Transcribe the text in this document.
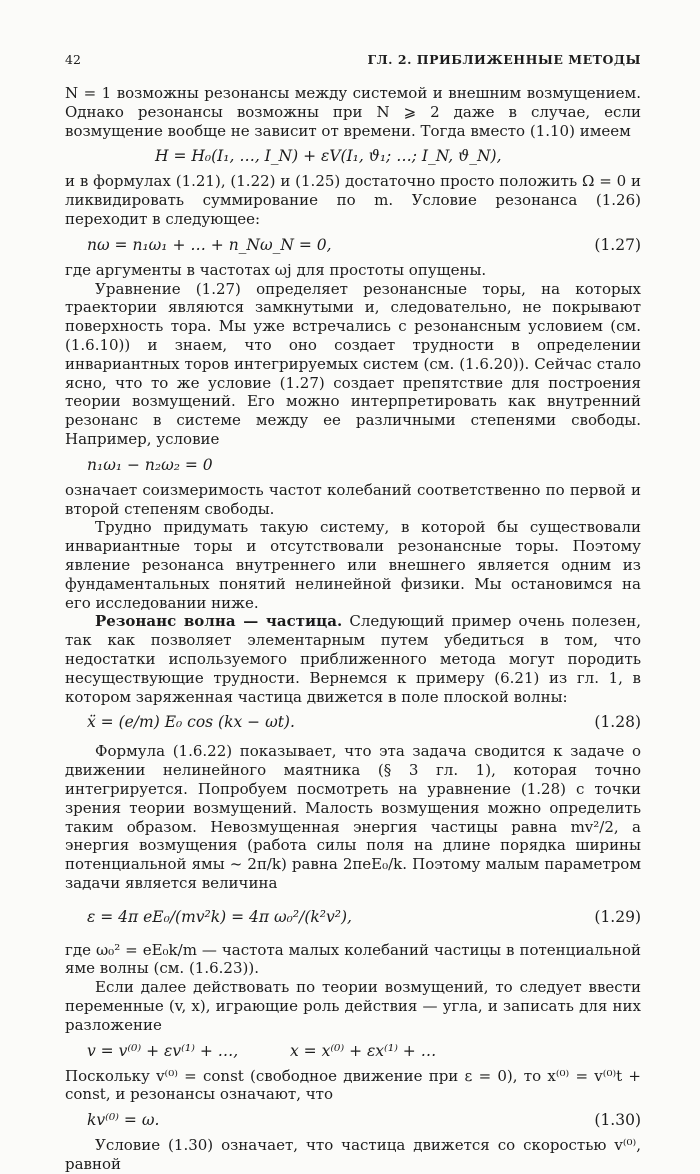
42	ГЛ. 2. ПРИБЛИЖЕННЫЕ МЕТОДЫ

N = 1 возможны резонансы между системой и внешним возмущением. Однако резонансы возможны при N ⩾ 2 даже в случае, если возмущение вообще не зависит от времени. Тогда вместо (1.10) имеем

H = H₀(I₁, …, I_N) + εV(I₁, ϑ₁; …; I_N, ϑ_N),

и в формулах (1.21), (1.22) и (1.25) достаточно просто положить Ω = 0 и ликвидировать суммирование по m. Условие резонанса (1.26) переходит в следующее:

nω = n₁ω₁ + … + n_Nω_N = 0,	(1.27)

где аргументы в частотах ωj для простоты опущены.

Уравнение (1.27) определяет резонансные торы, на которых траектории являются замкнутыми и, следовательно, не покрывают поверхность тора. Мы уже встречались с резонансным условием (см. (1.6.10)) и знаем, что оно создает трудности в определении инвариантных торов интегрируемых систем (см. (1.6.20)). Сейчас стало ясно, что то же условие (1.27) создает препятствие для построения теории возмущений. Его можно интерпретировать как внутренний резонанс в системе между ее различными степенями свободы. Например, условие

n₁ω₁ − n₂ω₂ = 0

означает соизмеримость частот колебаний соответственно по первой и второй степеням свободы.

Трудно придумать такую систему, в которой бы существовали инвариантные торы и отсутствовали резонансные торы. Поэтому явление резонанса внутреннего или внешнего является одним из фундаментальных понятий нелинейной физики. Мы остановимся на его исследовании ниже.

Резонанс волна — частица. Следующий пример очень полезен, так как позволяет элементарным путем убедиться в том, что недостатки используемого приближенного метода могут породить несуществующие трудности. Вернемся к примеру (6.21) из гл. 1, в котором заряженная частица движется в поле плоской волны:

ẍ = (e/m) E₀ cos (kx − ωt).	(1.28)

Формула (1.6.22) показывает, что эта задача сводится к задаче о движении нелинейного маятника (§ 3 гл. 1), которая точно интегрируется. Попробуем посмотреть на уравнение (1.28) с точки зрения теории возмущений. Малость возмущения можно определить таким образом. Невозмущенная энергия частицы равна mv²/2, а энергия возмущения (работа силы поля на длине порядка ширины потенциальной ямы ~ 2π/k) равна 2πeE₀/k. Поэтому малым параметром задачи является величина

ε = 4π eE₀/(mv²k) = 4π ω₀²/(k²v²),	(1.29)

где ω₀² = eE₀k/m — частота малых колебаний частицы в потенциальной яме волны (см. (1.6.23)).

Если далее действовать по теории возмущений, то следует ввести переменные (v, x), играющие роль действия — угла, и записать для них разложение

v = v⁽⁰⁾ + εv⁽¹⁾ + …,	x = x⁽⁰⁾ + εx⁽¹⁾ + …

Поскольку v⁽⁰⁾ = const (свободное движение при ε = 0), то x⁽⁰⁾ = v⁽⁰⁾t + const, и резонансы означают, что

kv⁽⁰⁾ = ω.	(1.30)

Условие (1.30) означает, что частица движется со скоростью v⁽⁰⁾, равной
